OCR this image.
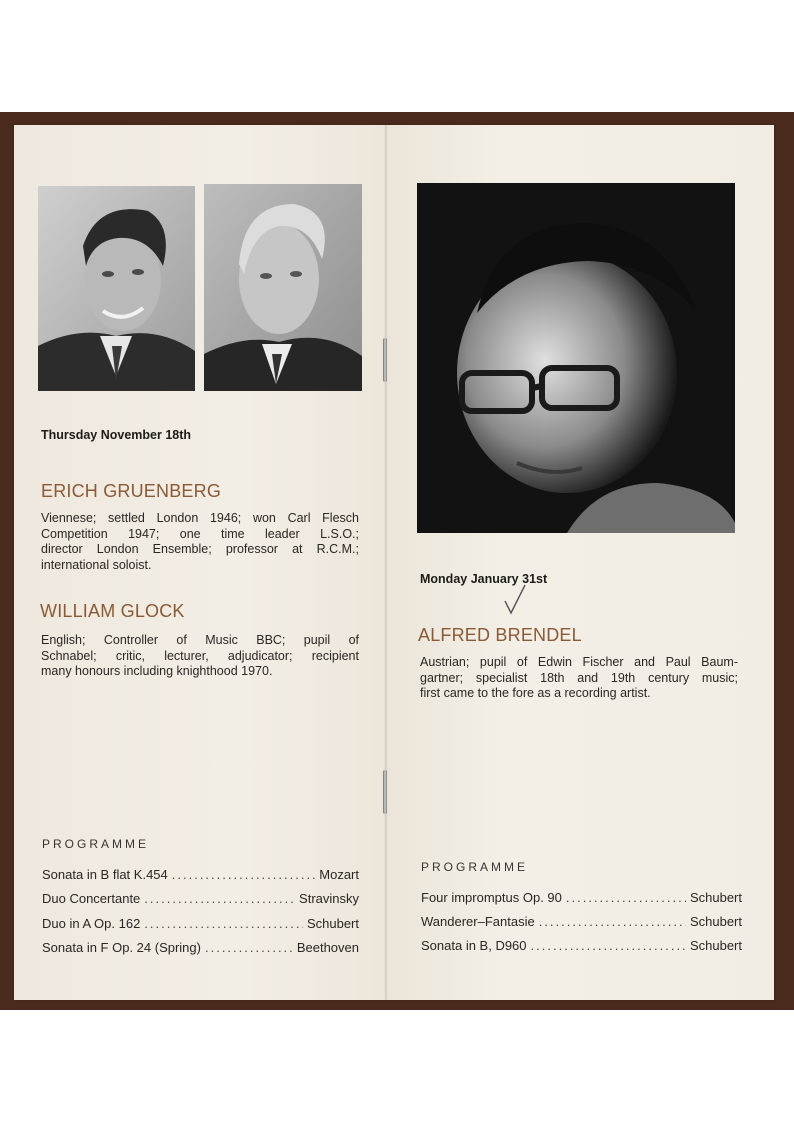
Thursday November 18th
ERICH GRUENBERG
Viennese; settled London 1946; won Carl Flesch
Competition 1947; one time leader L.S.O.;
director London Ensemble; professor at R.C.M.;
international soloist.
WILLIAM GLOCK
English; Controller of Music BBC; pupil of
Schnabel; critic, lecturer, adjudicator; recipient
many honours including knighthood 1970.
PROGRAMME
Sonata in B flat K.454 .....	Mozart
Duo Concertante .....	Stravinsky
Duo in A Op. 162 .....	Schubert
Sonata in F Op. 24 (Spring) .....	Beethoven
Monday January 31st
ALFRED BRENDEL
Austrian; pupil of Edwin Fischer and Paul Baum-
gartner; specialist 18th and 19th century music;
first came to the fore as a recording artist.
PROGRAMME
Four impromptus Op. 90 .....	Schubert
Wanderer–Fantasie .....	Schubert
Sonata in B, D960 .....	Schubert
